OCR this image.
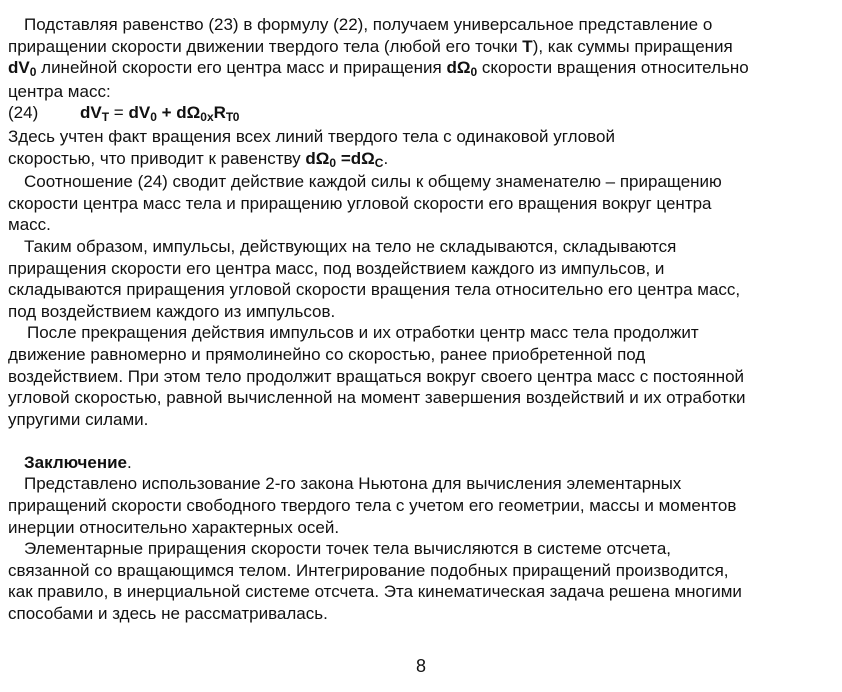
Подставляя равенство (23) в формулу (22), получаем универсальное представление о
приращении скорости движении твердого тела (любой его точки T), как суммы приращения
dV0 линейной скорости его центра масс и приращения dΩ0 скорости вращения относительно
центра масс:
(24) dVT = dV0 + dΩ0xRT0
Здесь учтен факт вращения всех линий твердого тела с одинаковой угловой
скоростью, что приводит к равенству dΩ0 =dΩC.
Соотношение (24) сводит действие каждой силы к общему знаменателю – приращению
скорости центра масс тела и приращению угловой скорости его вращения вокруг центра
масс.
Таким образом, импульсы, действующих на тело не складываются, складываются
приращения скорости его центра масс, под воздействием каждого из импульсов, и
складываются приращения угловой скорости вращения тела относительно его центра масс,
под воздействием каждого из импульсов.
После прекращения действия импульсов и их отработки центр масс тела продолжит
движение равномерно и прямолинейно со скоростью, ранее приобретенной под
воздействием. При этом тело продолжит вращаться вокруг своего центра масс с постоянной
угловой скоростью, равной вычисленной на момент завершения воздействий и их отработки
упругими силами.
Заключение.
Представлено использование 2-го закона Ньютона для вычисления элементарных
приращений скорости свободного твердого тела с учетом его геометрии, массы и моментов
инерции относительно характерных осей.
Элементарные приращения скорости точек тела вычисляются в системе отсчета,
связанной со вращающимся телом. Интегрирование подобных приращений производится,
как правило, в инерциальной системе отсчета. Эта кинематическая задача решена многими
способами и здесь не рассматривалась.
8
